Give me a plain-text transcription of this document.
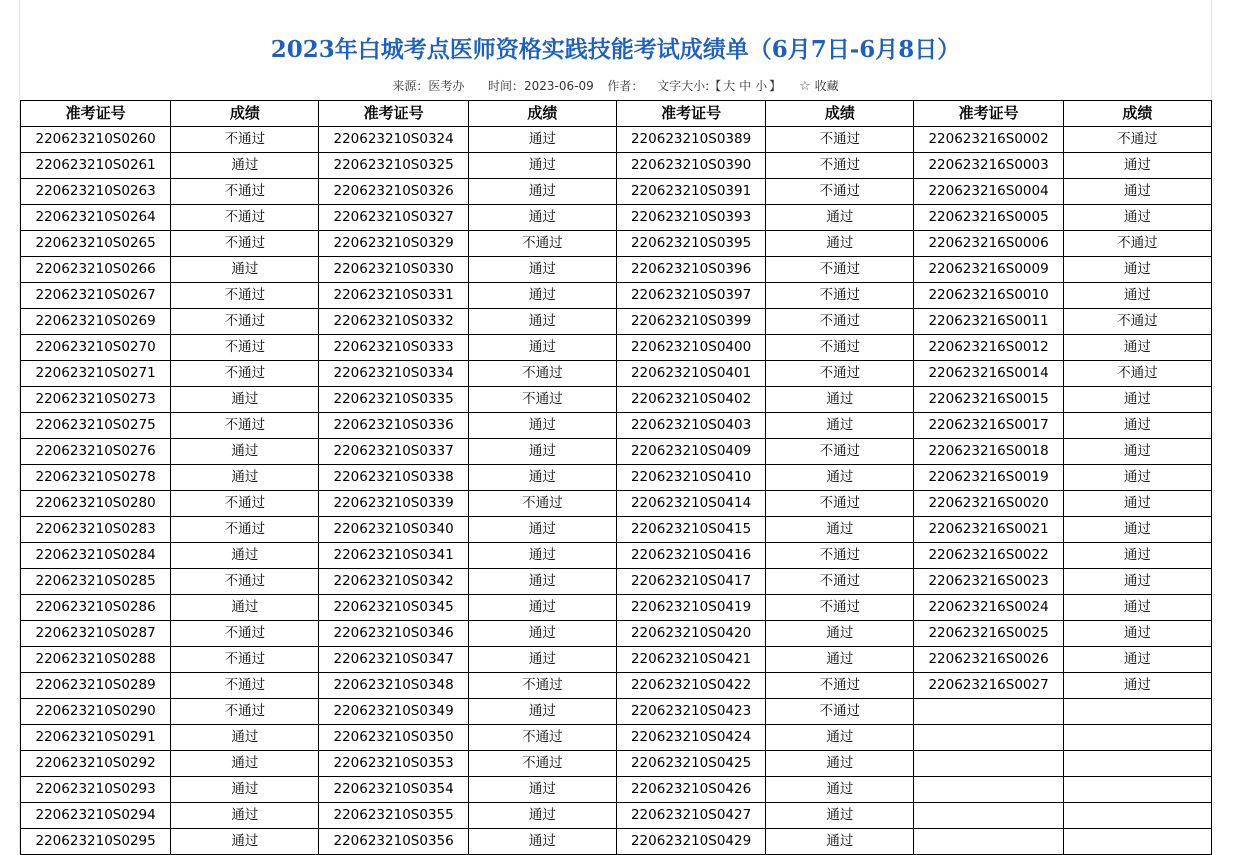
2023年白城考点医师资格实践技能考试成绩单（6月7日-6月8日）
来源：医考办 时间：2023-06-09 作者： 文字大小:【 大 中 小 】 ☆ 收藏
准考证号	成绩	准考证号	成绩	准考证号	成绩	准考证号	成绩
220623210S0260	不通过	220623210S0324	通过	220623210S0389	不通过	220623216S0002	不通过
220623210S0261	通过	220623210S0325	通过	220623210S0390	不通过	220623216S0003	通过
220623210S0263	不通过	220623210S0326	通过	220623210S0391	不通过	220623216S0004	通过
220623210S0264	不通过	220623210S0327	通过	220623210S0393	通过	220623216S0005	通过
220623210S0265	不通过	220623210S0329	不通过	220623210S0395	通过	220623216S0006	不通过
220623210S0266	通过	220623210S0330	通过	220623210S0396	不通过	220623216S0009	通过
220623210S0267	不通过	220623210S0331	通过	220623210S0397	不通过	220623216S0010	通过
220623210S0269	不通过	220623210S0332	通过	220623210S0399	不通过	220623216S0011	不通过
220623210S0270	不通过	220623210S0333	通过	220623210S0400	不通过	220623216S0012	通过
220623210S0271	不通过	220623210S0334	不通过	220623210S0401	不通过	220623216S0014	不通过
220623210S0273	通过	220623210S0335	不通过	220623210S0402	通过	220623216S0015	通过
220623210S0275	不通过	220623210S0336	通过	220623210S0403	通过	220623216S0017	通过
220623210S0276	通过	220623210S0337	通过	220623210S0409	不通过	220623216S0018	通过
220623210S0278	通过	220623210S0338	通过	220623210S0410	通过	220623216S0019	通过
220623210S0280	不通过	220623210S0339	不通过	220623210S0414	不通过	220623216S0020	通过
220623210S0283	不通过	220623210S0340	通过	220623210S0415	通过	220623216S0021	通过
220623210S0284	通过	220623210S0341	通过	220623210S0416	不通过	220623216S0022	通过
220623210S0285	不通过	220623210S0342	通过	220623210S0417	不通过	220623216S0023	通过
220623210S0286	通过	220623210S0345	通过	220623210S0419	不通过	220623216S0024	通过
220623210S0287	不通过	220623210S0346	通过	220623210S0420	通过	220623216S0025	通过
220623210S0288	不通过	220623210S0347	通过	220623210S0421	通过	220623216S0026	通过
220623210S0289	不通过	220623210S0348	不通过	220623210S0422	不通过	220623216S0027	通过
220623210S0290	不通过	220623210S0349	通过	220623210S0423	不通过		
220623210S0291	通过	220623210S0350	不通过	220623210S0424	通过		
220623210S0292	通过	220623210S0353	不通过	220623210S0425	通过		
220623210S0293	通过	220623210S0354	通过	220623210S0426	通过		
220623210S0294	通过	220623210S0355	通过	220623210S0427	通过		
220623210S0295	通过	220623210S0356	通过	220623210S0429	通过		
